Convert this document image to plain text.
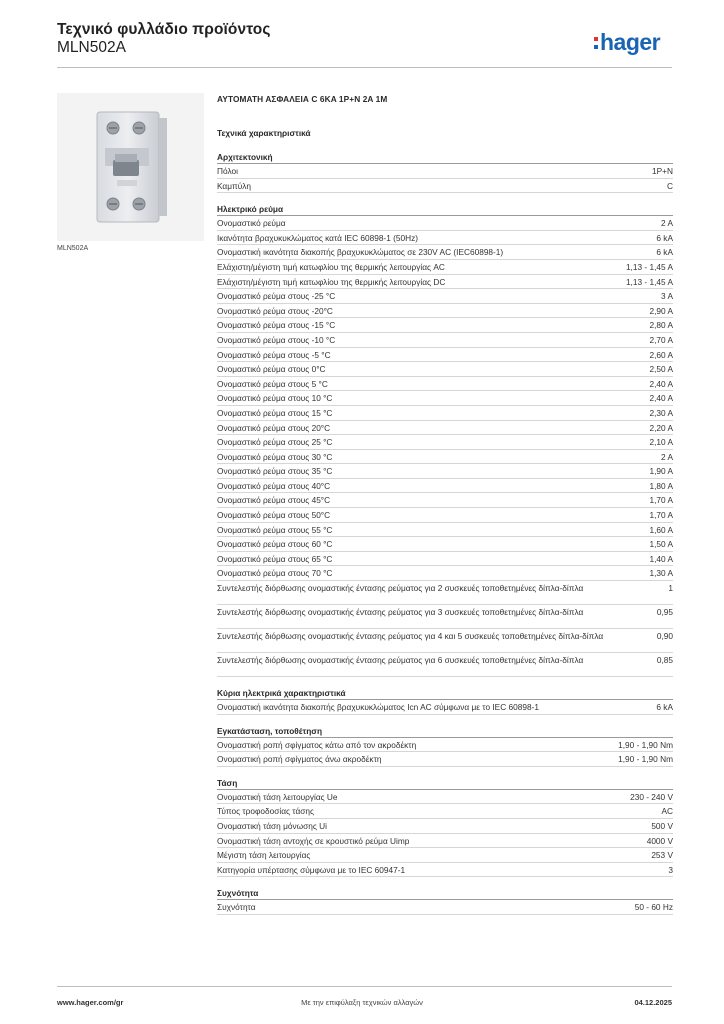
Τεχνικό φυλλάδιο προϊόντος
MLN502A	hager
MLN502A
ΑΥΤΟΜΑΤΗ ΑΣΦΑΛΕΙΑ C 6KA 1P+N 2A 1M
Τεχνικά χαρακτηριστικά
Αρχιτεκτονική
Πόλοι	1P+N
Καμπύλη	C
Ηλεκτρικό ρεύμα
Ονομαστικό ρεύμα	2 A
Ικανότητα βραχυκυκλώματος κατά IEC 60898-1 (50Hz)	6 kA
Ονομαστική ικανότητα διακοπής βραχυκυκλώματος σε 230V AC (IEC60898-1)	6 kA
Ελάχιστη/μέγιστη τιμή κατωφλίου της θερμικής λειτουργίας AC	1,13 - 1,45 A
Ελάχιστη/μέγιστη τιμή κατωφλίου της θερμικής λειτουργίας DC	1,13 - 1,45 A
Ονομαστικό ρεύμα στους -25 °C	3 A
Ονομαστικό ρεύμα στους -20°C	2,90 A
Ονομαστικό ρεύμα στους -15 °C	2,80 A
Ονομαστικό ρεύμα στους -10 °C	2,70 A
Ονομαστικό ρεύμα στους -5 °C	2,60 A
Ονομαστικό ρεύμα στους 0°C	2,50 A
Ονομαστικό ρεύμα στους 5 °C	2,40 A
Ονομαστικό ρεύμα στους 10 °C	2,40 A
Ονομαστικό ρεύμα στους 15 °C	2,30 A
Ονομαστικό ρεύμα στους 20°C	2,20 A
Ονομαστικό ρεύμα στους 25 °C	2,10 A
Ονομαστικό ρεύμα στους 30 °C	2 A
Ονομαστικό ρεύμα στους 35 °C	1,90 A
Ονομαστικό ρεύμα στους 40°C	1,80 A
Ονομαστικό ρεύμα στους 45°C	1,70 A
Ονομαστικό ρεύμα στους 50°C	1,70 A
Ονομαστικό ρεύμα στους 55 °C	1,60 A
Ονομαστικό ρεύμα στους 60 °C	1,50 A
Ονομαστικό ρεύμα στους 65 °C	1,40 A
Ονομαστικό ρεύμα στους 70 °C	1,30 A
Συντελεστής διόρθωσης ονομαστικής έντασης ρεύματος για 2 συσκευές τοποθετημένες δίπλα-δίπλα	1
Συντελεστής διόρθωσης ονομαστικής έντασης ρεύματος για 3 συσκευές τοποθετημένες δίπλα-δίπλα	0,95
Συντελεστής διόρθωσης ονομαστικής έντασης ρεύματος για 4 και 5 συσκευές τοποθετημένες δίπλα-δίπλα	0,90
Συντελεστής διόρθωσης ονομαστικής έντασης ρεύματος για 6 συσκευές τοποθετημένες δίπλα-δίπλα	0,85
Κύρια ηλεκτρικά χαρακτηριστικά
Ονομαστική ικανότητα διακοπής βραχυκυκλώματος Icn AC σύμφωνα με το IEC 60898-1	6 kA
Εγκατάσταση, τοποθέτηση
Ονομαστική ροπή σφίγματος κάτω από τον ακροδέκτη	1,90 - 1,90 Nm
Ονομαστική ροπή σφίγματος άνω ακροδέκτη	1,90 - 1,90 Nm
Τάση
Ονομαστική τάση λειτουργίας Ue	230 - 240 V
Τύπος τροφοδοσίας τάσης	AC
Ονομαστική τάση μόνωσης Ui	500 V
Ονομαστική τάση αντοχής σε κρουστικό ρεύμα Uimp	4000 V
Μέγιστη τάση λειτουργίας	253 V
Κατηγορία υπέρτασης σύμφωνα με το IEC 60947-1	3
Συχνότητα
Συχνότητα	50 - 60 Hz
www.hager.com/gr	Με την επιφύλαξη τεχνικών αλλαγών	04.12.2025
